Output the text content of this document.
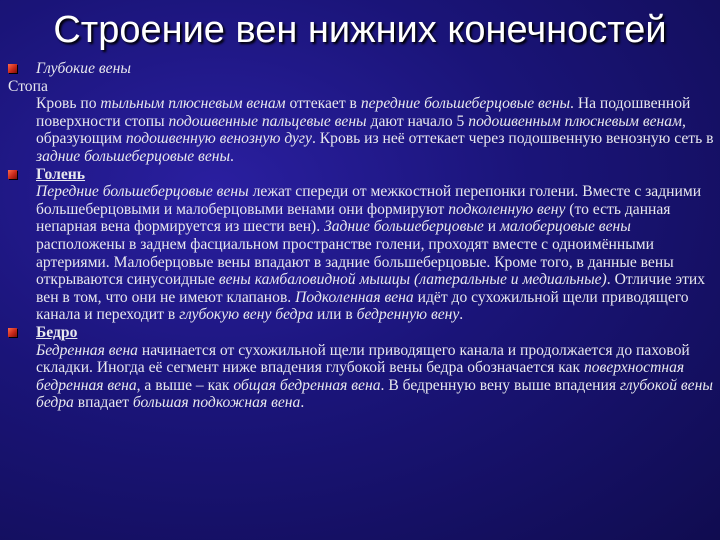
Строение вен нижних конечностей
Глубокие вены
Стопа
Кровь по тыльным плюсневым венам оттекает в передние большеберцовые вены. На подошвенной поверхности стопы подошвенные пальцевые вены дают начало 5 подошвенным плюсневым венам, образующим подошвенную венозную дугу. Кровь из неё оттекает через подошвенную венозную сеть в задние большеберцовые вены.
Голень
Передние большеберцовые вены лежат спереди от межкостной перепонки голени. Вместе с задними большеберцовыми и малоберцовыми венами они формируют подколенную вену (то есть данная непарная вена формируется из шести вен). Задние большеберцовые и малоберцовые вены расположены в заднем фасциальном пространстве голени, проходят вместе с одноимёнными артериями. Малоберцовые вены впадают в задние большеберцовые. Кроме того, в данные вены открываются синусоидные вены камбаловидной мышцы (латеральные и медиальные). Отличие этих вен в том, что они не имеют клапанов. Подколенная вена идёт до сухожильной щели приводящего канала и переходит в глубокую вену бедра или в бедренную вену.
Бедро
Бедренная вена начинается от сухожильной щели приводящего канала и продолжается до паховой складки. Иногда её сегмент ниже впадения глубокой вены бедра обозначается как поверхностная бедренная вена, а выше – как общая бедренная вена. В бедренную вену выше впадения глубокой вены бедра впадает большая подкожная вена.
